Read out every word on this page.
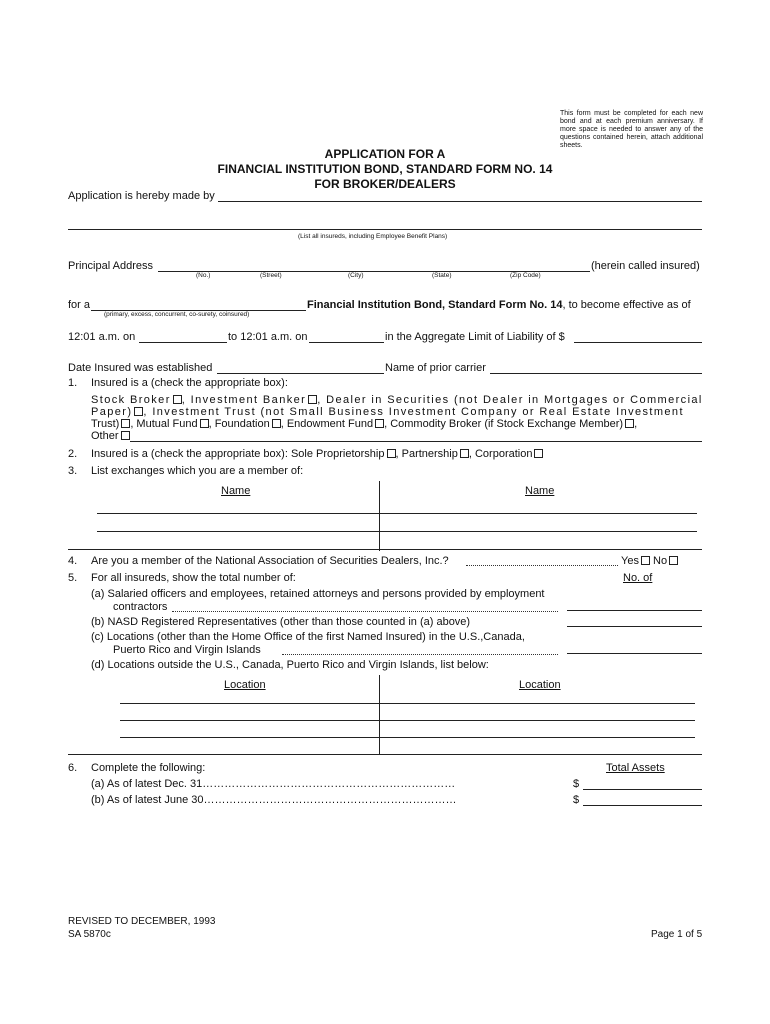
This form must be completed for each new bond and at each premium anniversary. If more space is needed to answer any of the questions contained herein, attach additional sheets.
APPLICATION FOR A
FINANCIAL INSTITUTION BOND, STANDARD FORM NO. 14
FOR BROKER/DEALERS
Application is hereby made by
(List all insureds, including Employee Benefit Plans)
Principal Address	(herein called insured)
(No.)	(Street)	(City)	(State)	(Zip Code)
for a
(primary, excess, concurrent, co-surety, coinsured)
Financial Institution Bond, Standard Form No. 14, to become effective as of
12:01 a.m. on	to 12:01 a.m. on	in the Aggregate Limit of Liability of $
Date Insured was established	Name of prior carrier
1. Insured is a (check the appropriate box):
Stock Broker , Investment Banker , Dealer in Securities (not Dealer in Mortgages or Commercial
Paper) , Investment Trust (not Small Business Investment Company or Real Estate Investment
Trust) , Mutual Fund , Foundation , Endowment Fund , Commodity Broker (if Stock Exchange Member) ,
Other
2. Insured is a (check the appropriate box): Sole Proprietorship , Partnership , Corporation
3. List exchanges which you are a member of:
Name	Name
4. Are you a member of the National Association of Securities Dealers, Inc.?	Yes No
5. For all insureds, show the total number of:	No. of
(a) Salaried officers and employees, retained attorneys and persons provided by employment
contractors
(b) NASD Registered Representatives (other than those counted in (a) above)
(c) Locations (other than the Home Office of the first Named Insured) in the U.S.,Canada,
Puerto Rico and Virgin Islands
(d) Locations outside the U.S., Canada, Puerto Rico and Virgin Islands, list below:
Location	Location
6. Complete the following:	Total Assets
(a) As of latest Dec. 31……………………………………………………………	$
(b) As of latest June 30……………………………………………………………	$
REVISED TO DECEMBER, 1993
SA 5870c	Page 1 of 5
